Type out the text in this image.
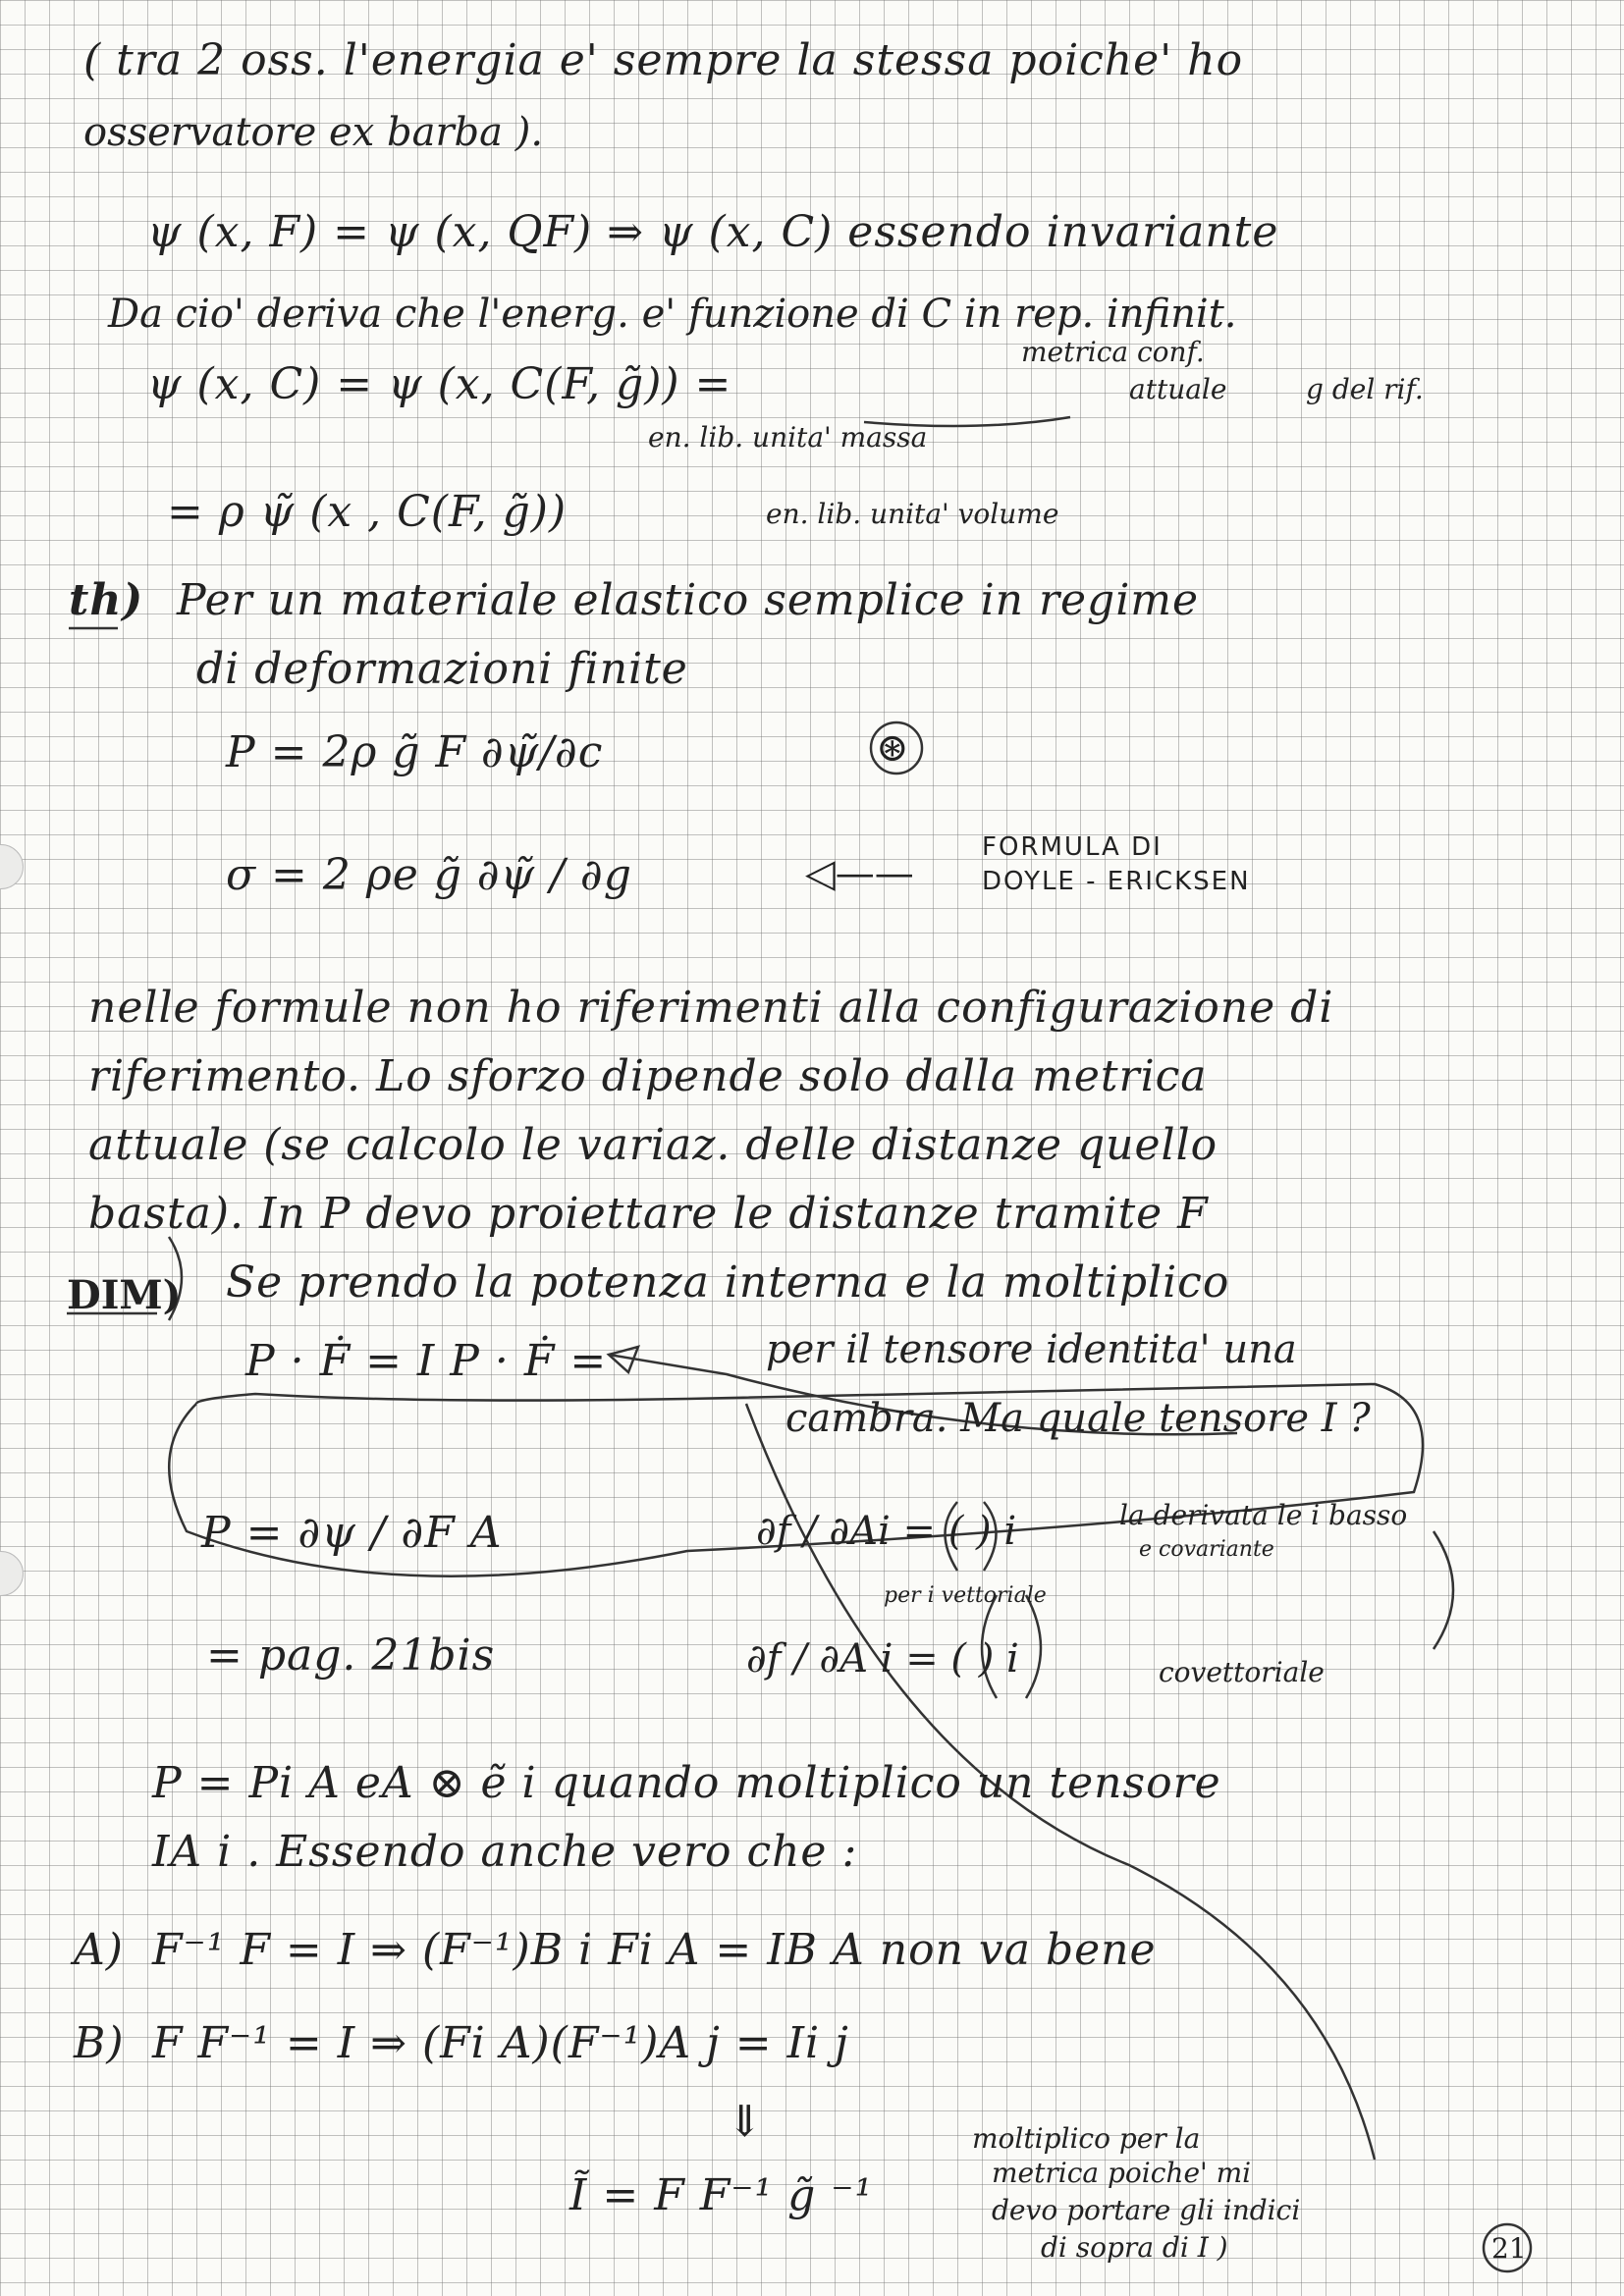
( tra 2 oss. l'energia e' sempre la stessa poiche' ho
osservatore ex barba ).
ψ (x, F) = ψ (x, QF) ⇒ ψ (x, C) essendo invariante
Da cio' deriva che l'energ. e' funzione di C in rep. infinit.
ψ (x, C) = ψ (x, C(F, g̃)) =
metrica conf.
attuale	g del rif.
en. lib. unita' massa
= ρ ψ̃ (x , C(F, g̃))	en. lib. unita' volume
th) Per un materiale elastico semplice in regime
di deformazioni finite
P = 2ρ g̃ F ∂ψ̃/∂c	⊛
σ = 2 ρe g̃ ∂ψ̃ / ∂g	◁——
FORMULA DI
DOYLE - ERICKSEN
nelle formule non ho riferimenti alla configurazione di
riferimento. Lo sforzo dipende solo dalla metrica
attuale (se calcolo le variaz. delle distanze quello
basta). In P devo proiettare le distanze tramite F
DIM) Se prendo la potenza interna e la moltiplico
P · Ḟ = I P · Ḟ =	per il tensore identita' una
cambra. Ma quale tensore I ?
P = ∂ψ / ∂F A	∂f / ∂Ai = ( ) i	la derivata le i basso
e covariante
= pag. 21bis
per i vettoriale
∂f / ∂A i = ( ) i	covettoriale
P = Pi A eA ⊗ ẽ i quando moltiplico un tensore
IA i . Essendo anche vero che :
A) F⁻¹ F = I ⇒ (F⁻¹)B i Fi A = IB A non va bene
B) F F⁻¹ = I ⇒ (Fi A)(F⁻¹)A j = Ii j
⇓	moltiplico per la
metrica poiche' mi
devo portare gli indici
di sopra di I )
Ĩ = F F⁻¹ g̃ ⁻¹
21
